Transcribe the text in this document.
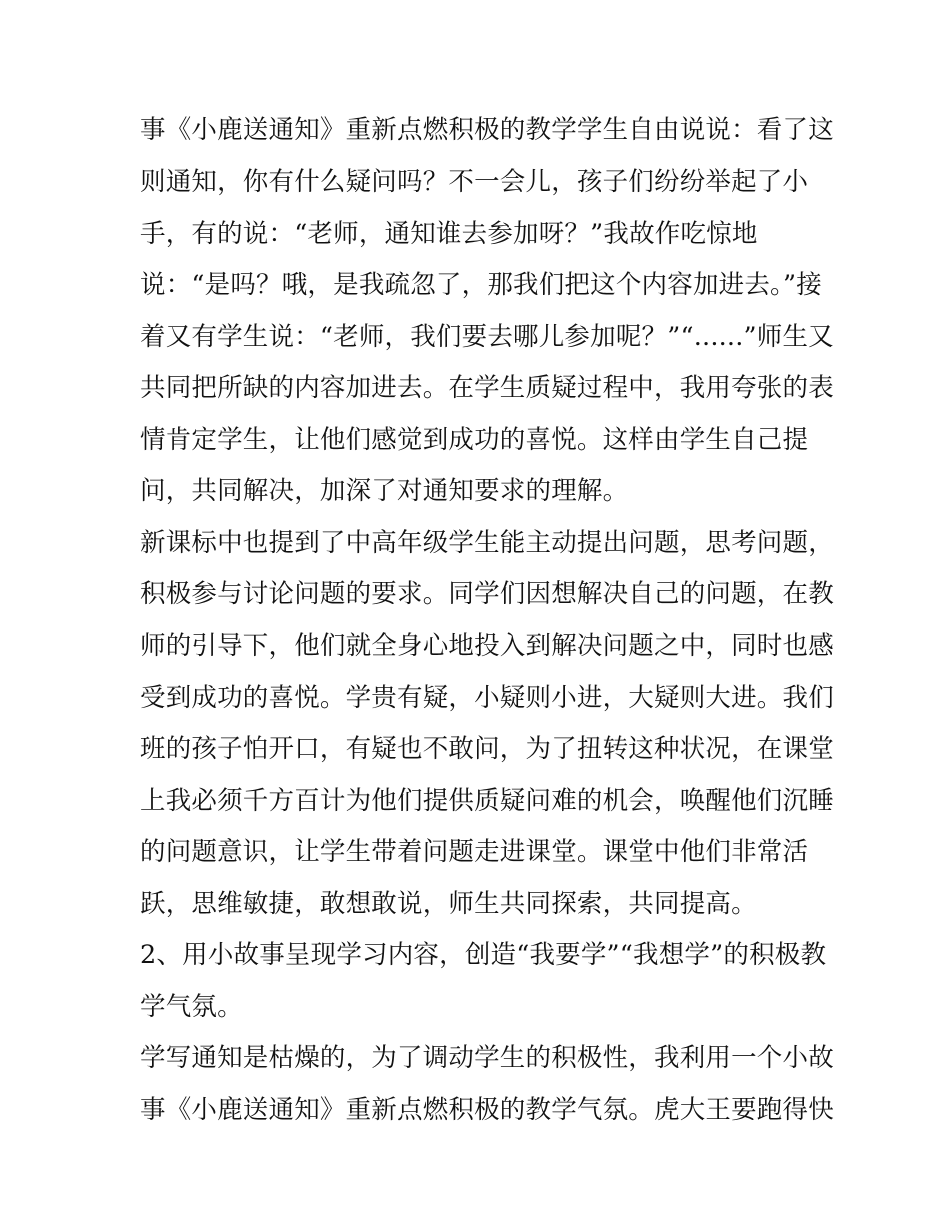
事《小鹿送通知》重新点燃积极的教学学生自由说说：看了这
则通知，你有什么疑问吗？不一会儿，孩子们纷纷举起了小
手，有的说：“老师，通知谁去参加呀？”我故作吃惊地
说：“是吗？哦，是我疏忽了，那我们把这个内容加进去。”接
着又有学生说：“老师，我们要去哪儿参加呢？”“......”师生又
共同把所缺的内容加进去。在学生质疑过程中，我用夸张的表
情肯定学生，让他们感觉到成功的喜悦。这样由学生自己提
问，共同解决，加深了对通知要求的理解。
新课标中也提到了中高年级学生能主动提出问题，思考问题，
积极参与讨论问题的要求。同学们因想解决自己的问题，在教
师的引导下，他们就全身心地投入到解决问题之中，同时也感
受到成功的喜悦。学贵有疑，小疑则小进，大疑则大进。我们
班的孩子怕开口，有疑也不敢问，为了扭转这种状况，在课堂
上我必须千方百计为他们提供质疑问难的机会，唤醒他们沉睡
的问题意识，让学生带着问题走进课堂。课堂中他们非常活
跃，思维敏捷，敢想敢说，师生共同探索，共同提高。
2、用小故事呈现学习内容，创造“我要学”“我想学”的积极教
学气氛。
学写通知是枯燥的，为了调动学生的积极性，我利用一个小故
事《小鹿送通知》重新点燃积极的教学气氛。虎大王要跑得快
